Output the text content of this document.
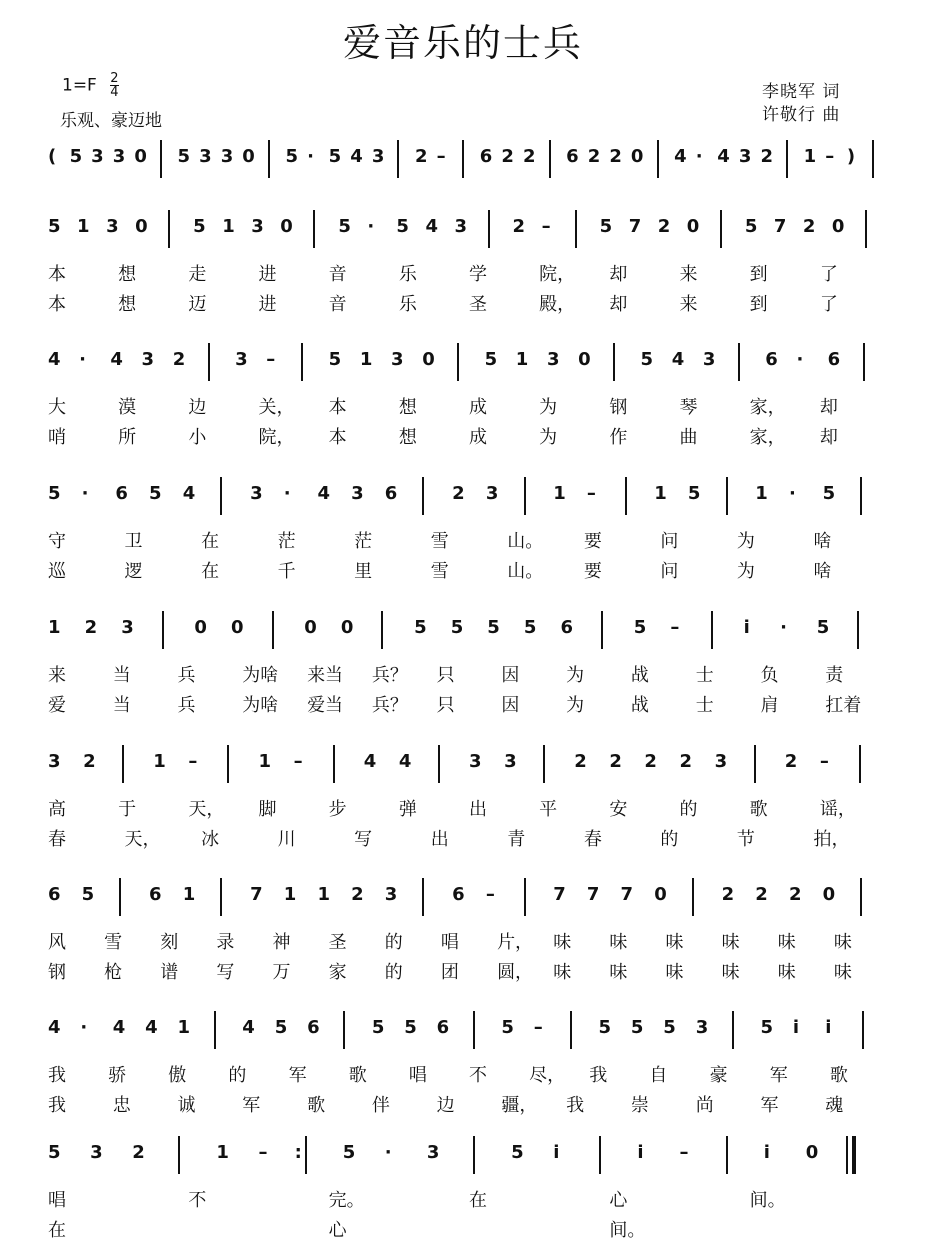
爱音乐的士兵
$1=F \frac{2}{4}$
乐观、豪迈地
李晓军 词
许敬行 曲
( 5 3 3 0 5 3 3 0 5 · 5 4 3 2 – 6 2 2 6 2 2 0 4 · 4 3 2 1 – )
5 1 3 0	5 1 3 0	5 · 5 4 3	2 –	5 7 2 0	5 7 2 0
本	想	走	进	音	乐	学	院， 却	来	到	了
本	想	迈	进	音	乐	圣	殿， 却	来	到	了
4 · 4 3 2	3 –	5 1 3 0	5 1 3 0	5 4 3	6 · 6
大	漠	边	关， 本	想	成	为	钢	琴	家， 却
哨	所	小	院， 本	想	成	为	作	曲	家， 却
5 · 6 5 4	3 · 4 3 6	2 3	1 –	1 5	1 · 5
守	卫	在	茫	茫	雪	山。 要	问	为	啥
巡	逻	在	千	里	雪	山。 要	问	为	啥
1 2 3	0 0	0 0	5 5 5 5 6	5 –	i · 5
来	当	兵	为啥 来当 兵？ 只	因	为	战	士	负	责
爱	当	兵	为啥 爱当 兵？ 只	因	为	战	士	肩	扛着
3 2	1 –	1 –	4 4	3 3	2 2 2 2 3	2 –
高	于	天， 脚	步	弹	出	平	安	的	歌	谣，
春	天， 冰	川	写	出	青	春	的	节	拍，
6 5	6 1	7 1 1 2 3	6 –	7 7 7 0	2 2 2 0
风 雪 刻 录 神 圣 的 唱 片， 味 味 味 味 味 味
钢 枪 谱 写 万 家 的 团 圆， 味 味 味 味 味 味
4 · 4 4 1	4 5 6	5 5 6	5 –	5 5 5 3	5 i i
我 骄 傲 的 军 歌 唱 不 尽， 我 自 豪 军 歌
我	忠	诚	军	歌	伴	边	疆， 我	崇	尚	军	魂
5 3 2	1 – : 5 · 3	5 i	i –	i 0
唱	不	完。	在	心	间。
在	心	间。
